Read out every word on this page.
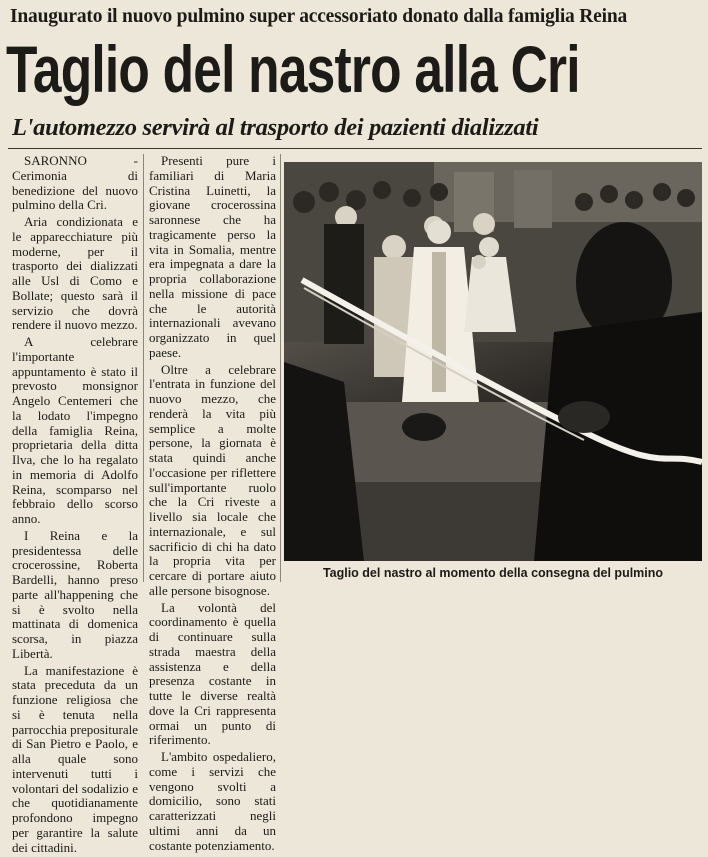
Inaugurato il nuovo pulmino super accessoriato donato dalla famiglia Reina
Taglio del nastro alla Cri
L'automezzo servirà al trasporto dei pazienti dializzati

SARONNO - Cerimonia di benedizione del nuovo pulmino della Cri.

Aria condizionata e le apparecchiature più moderne, per il trasporto dei dializzati alle Usl di Como e Bollate; questo sarà il servizio che dovrà rendere il nuovo mezzo.

A celebrare l'importante appuntamento è stato il prevosto monsignor Angelo Centemeri che la lodato l'impegno della famiglia Reina, proprietaria della ditta Ilva, che lo ha regalato in memoria di Adolfo Reina, scomparso nel febbraio dello scorso anno.

I Reina e la presidentessa delle crocerossine, Roberta Bardelli, hanno preso parte all'happening che si è svolto nella mattinata di domenica scorsa, in piazza Libertà.

La manifestazione è stata preceduta da un funzione religiosa che si è tenuta nella parrocchia prepositurale di San Pietro e Paolo, e alla quale sono intervenuti tutti i volontari del sodalizio e che quotidianamente profondono impegno per garantire la salute dei cittadini.

Presenti pure i familiari di Maria Cristina Luinetti, la giovane crocerossina saronnese che ha tragicamente perso la vita in Somalia, mentre era impegnata a dare la propria collaborazione nella missione di pace che le autorità internazionali avevano organizzato in quel paese.

Oltre a celebrare l'entrata in funzione del nuovo mezzo, che renderà la vita più semplice a molte persone, la giornata è stata quindi anche l'occasione per riflettere sull'importante ruolo che la Cri riveste a livello sia locale che internazionale, e sul sacrificio di chi ha dato la propria vita per cercare di portare aiuto alle persone bisognose.

La volontà del coordinamento è quella di continuare sulla strada maestra della assistenza e della presenza costante in tutte le diverse realtà dove la Cri rappresenta ormai un punto di riferimento.

L'ambito ospedaliero, come i servizi che vengono svolti a domicilio, sono stati caratterizzati negli ultimi anni da un costante potenziamento.

Taglio del nastro al momento della consegna del pulmino
